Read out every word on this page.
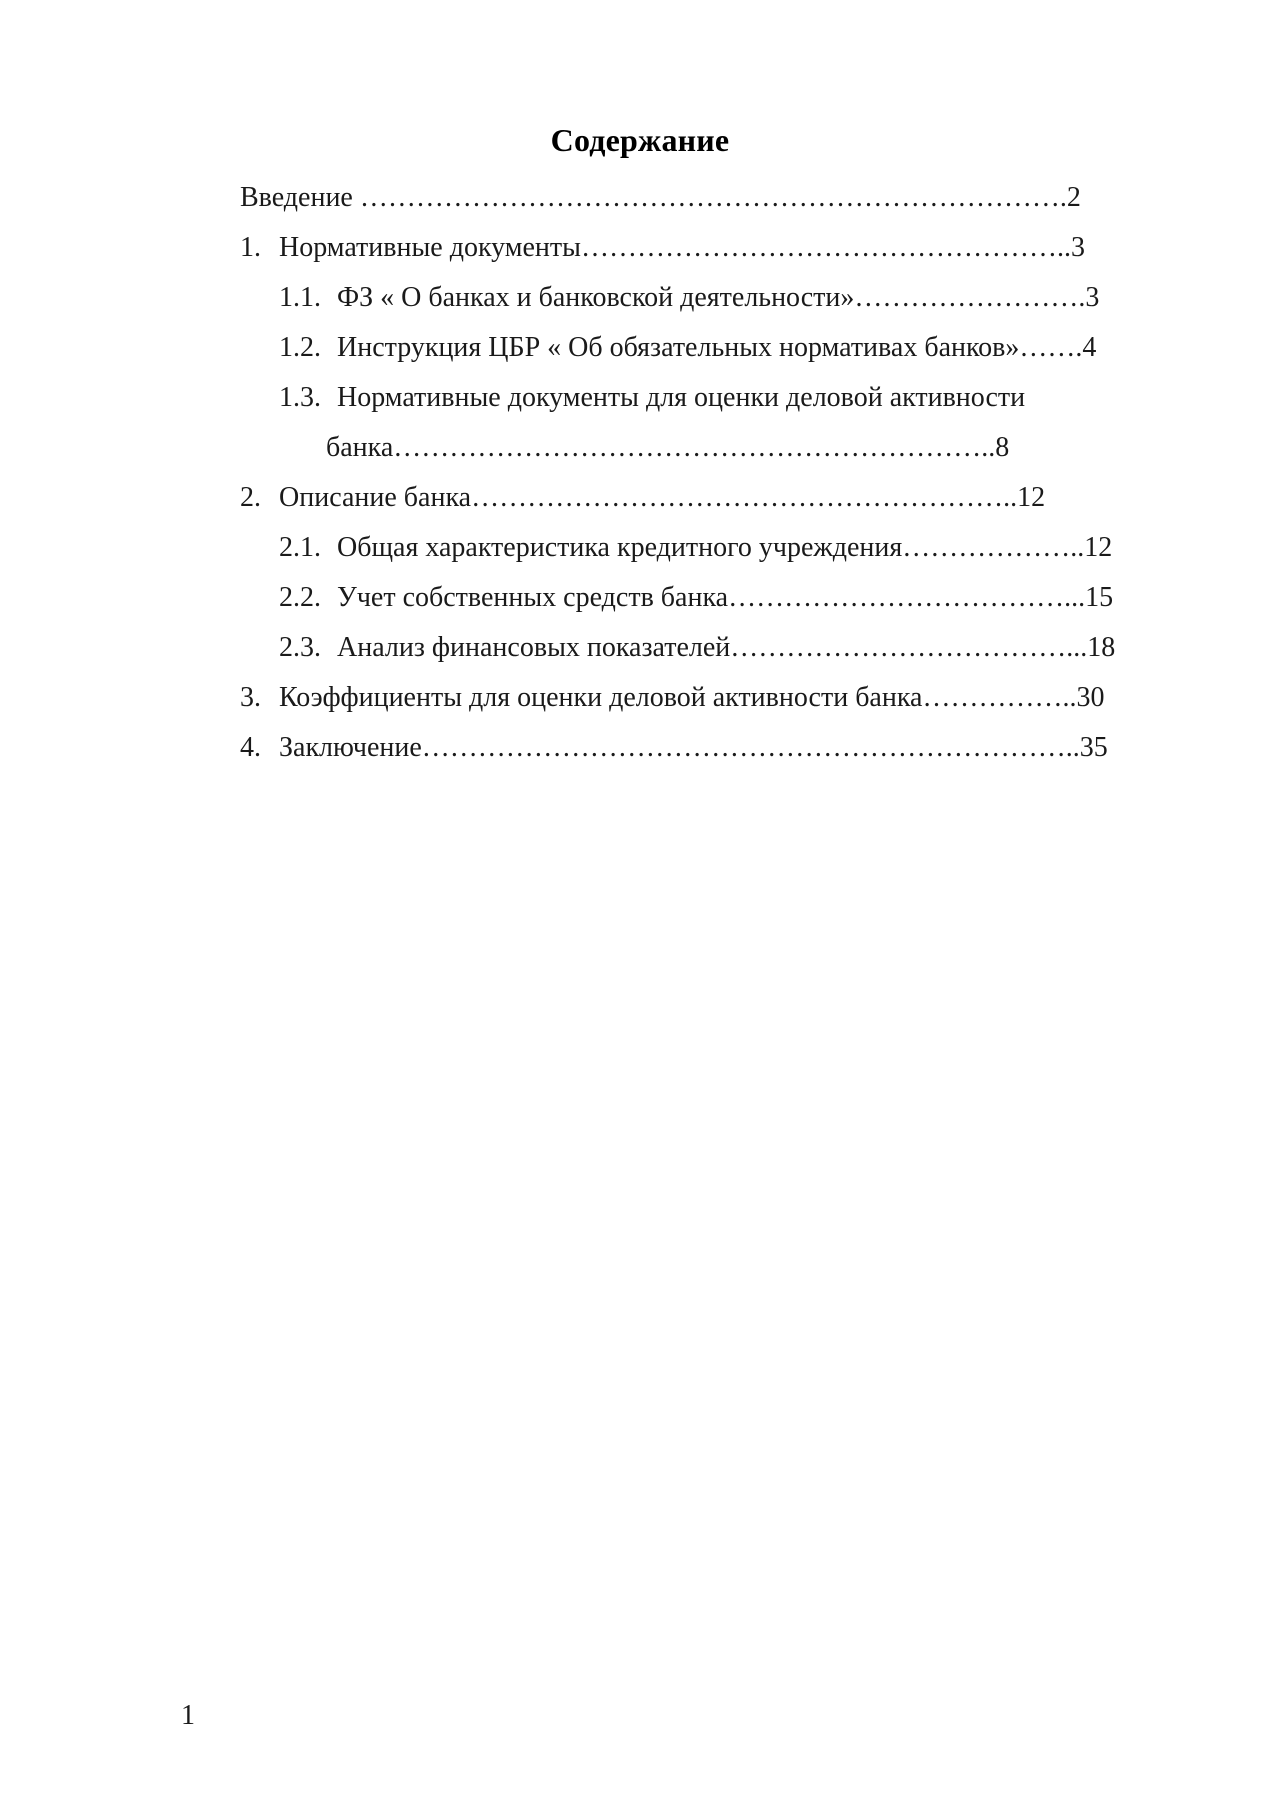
Содержание

Введение ………………………………………………………………….2

1. Нормативные документы……………………………………………..3

1.1. ФЗ « О банках и банковской деятельности»…………………….3

1.2. Инструкция ЦБР « Об обязательных нормативах банков»…….4

1.3. Нормативные документы для оценки деловой активности

банка………………………………………………………..8

2. Описание банка…………………………………………………..12

2.1. Общая характеристика кредитного учреждения………………..12

2.2. Учет собственных средств банка………………………………...15

2.3. Анализ финансовых показателей………………………………...18

3. Коэффициенты для оценки деловой активности банка……………..30

4. Заключение……………………………………………………………..35

1
